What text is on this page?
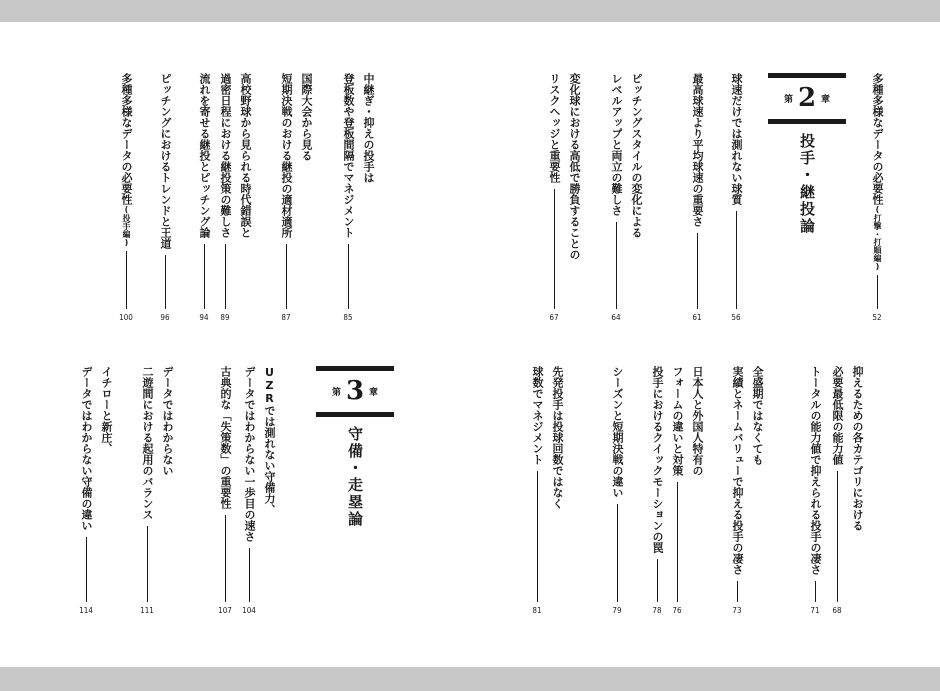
第 2 章
投手・継投論
第 3 章
守備・走塁論
多種多様なデータの必要性(打撃・打順編)
52
球速だけでは測れない球質
56
最高球速より平均球速の重要さ
61
ピッチングスタイルの変化による
レベルアップと両立の難しさ
64
変化球における高低で勝負することの
リスクヘッジと重要性
67
中継ぎ・抑えの投手は
登板数や登板間隔でマネジメント
85
国際大会から見る
短期決戦のおける継投の適材適所
87
高校野球から見られる時代錯誤と
過密日程における継投策の難しさ
89
流れを寄せる継投とピッチング論
94
ピッチングにおけるトレンドと王道
96
多種多様なデータの必要性(投手編)
100
抑えるための各カテゴリにおける
必要最低限の能力値
68
トータルの能力値で抑えられる投手の凄さ
71
全盛期ではなくても
実績とネームバリューで抑える投手の凄さ
73
日本人と外国人特有の
フォームの違いと対策
76
投手におけるクイックモーションの罠
78
シーズンと短期決戦の違い
79
先発投手は投球回数ではなく
球数でマネジメント
81
UZRでは測れない守備力、
データではわからない一歩目の速さ
104
古典的な「失策数」の重要性
107
データではわからない
二遊間における起用のバランス
111
イチローと新庄、
データではわからない守備の違い
114
